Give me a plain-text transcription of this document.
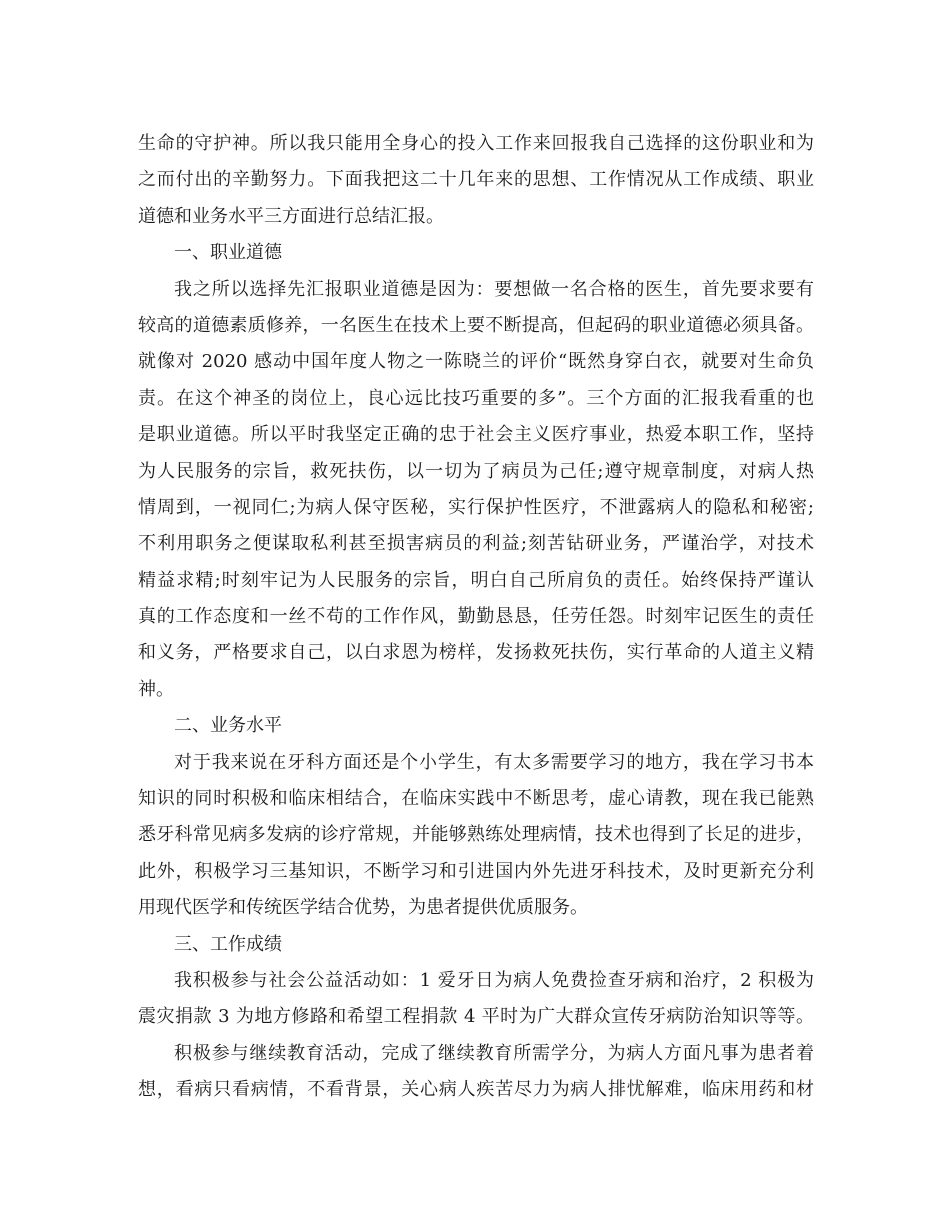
生命的守护神。所以我只能用全身心的投入工作来回报我自己选择的这份职业和为
之而付出的辛勤努力。下面我把这二十几年来的思想、工作情况从工作成绩、职业
道德和业务水平三方面进行总结汇报。
一、职业道德
我之所以选择先汇报职业道德是因为：要想做一名合格的医生，首先要求要有
较高的道德素质修养，一名医生在技术上要不断提高，但起码的职业道德必须具备。
就像对 2020 感动中国年度人物之一陈晓兰的评价“既然身穿白衣，就要对生命负
责。在这个神圣的岗位上，良心远比技巧重要的多”。三个方面的汇报我看重的也
是职业道德。所以平时我坚定正确的忠于社会主义医疗事业，热爱本职工作，坚持
为人民服务的宗旨，救死扶伤，以一切为了病员为己任;遵守规章制度，对病人热
情周到，一视同仁;为病人保守医秘，实行保护性医疗，不泄露病人的隐私和秘密;
不利用职务之便谋取私利甚至损害病员的利益;刻苦钻研业务，严谨治学，对技术
精益求精;时刻牢记为人民服务的宗旨，明白自己所肩负的责任。始终保持严谨认
真的工作态度和一丝不苟的工作作风，勤勤恳恳，任劳任怨。时刻牢记医生的责任
和义务，严格要求自己，以白求恩为榜样，发扬救死扶伤，实行革命的人道主义精
神。
二、业务水平
对于我来说在牙科方面还是个小学生，有太多需要学习的地方，我在学习书本
知识的同时积极和临床相结合，在临床实践中不断思考，虚心请教，现在我已能熟
悉牙科常见病多发病的诊疗常规，并能够熟练处理病情，技术也得到了长足的进步，
此外，积极学习三基知识，不断学习和引进国内外先进牙科技术，及时更新充分利
用现代医学和传统医学结合优势，为患者提供优质服务。
三、工作成绩
我积极参与社会公益活动如：1 爱牙日为病人免费捡查牙病和治疗，2 积极为
震灾捐款 3 为地方修路和希望工程捐款 4 平时为广大群众宣传牙病防治知识等等。
积极参与继续教育活动，完成了继续教育所需学分，为病人方面凡事为患者着
想，看病只看病情，不看背景，关心病人疾苦尽力为病人排忧解难，临床用药和材
